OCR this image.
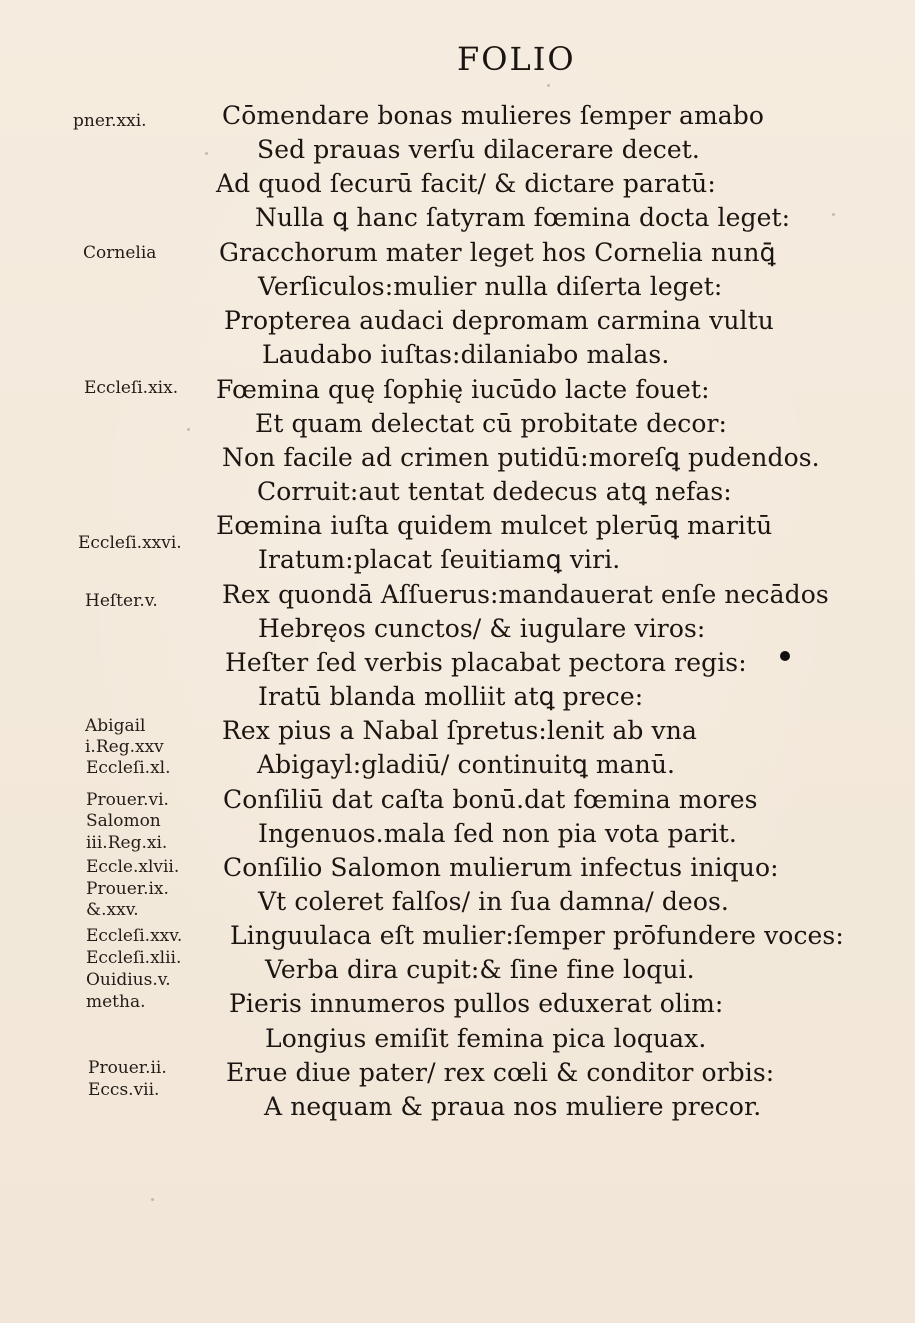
FOLIO
Cōmendare bonas mulieres ſemper amabo
Sed prauas verſu dilacerare decet.
Ad quod ſecurū facit/ & dictare paratū:
Nulla ꝗ hanc ſatyram fœmina docta leget:
Gracchorum mater leget hos Cornelia nunꝗ̄
Verſiculos:mulier nulla diſerta leget:
Propterea audaci depromam carmina vultu
Laudabo iuſtas:dilaniabo malas.
Fœmina quę ſophię iucūdo lacte fouet:
Et quam delectat cū probitate decor:
Non facile ad crimen putidū:moreſꝗ pudendos.
Corruit:aut tentat dedecus atꝗ nefas:
Eœmina iuſta quidem mulcet plerūꝗ maritū
Iratum:placat ſeuitiamꝗ viri.
Rex quondā Aſſuerus:mandauerat enſe necādos
Hebręos cunctos/ & iugulare viros:
Heſter ſed verbis placabat pectora regis:
Iratū blanda molliit atꝗ prece:
Rex pius a Nabal ſpretus:lenit ab vna
Abigayl:gladiū/ continuitꝗ manū.
Conſiliū dat caſta bonū.dat fœmina mores
Ingenuos.mala ſed non pia vota parit.
Conſilio Salomon mulierum infectus iniquo:
Vt coleret falſos/ in ſua damna/ deos.
Linguulaca eſt mulier:ſemper prōfundere voces:
Verba dira cupit:& ſine fine loqui.
Pieris innumeros pullos eduxerat olim:
Longius emiſit femina pica loquax.
Erue diue pater/ rex cœli & conditor orbis:
A nequam & praua nos muliere precor.
pner.xxi.
Cornelia
Eccleſi.xix.
Eccleſi.xxvi.
Heſter.v.
Abigail
i.Reg.xxv
Eccleſi.xl.
Prouer.vi.
Salomon
iii.Reg.xi.
Eccle.xlvii.
Prouer.ix.
&.xxv.
Eccleſi.xxv.
Eccleſi.xlii.
Ouidius.v.
metha.
Prouer.ii.
Eccs.vii.
